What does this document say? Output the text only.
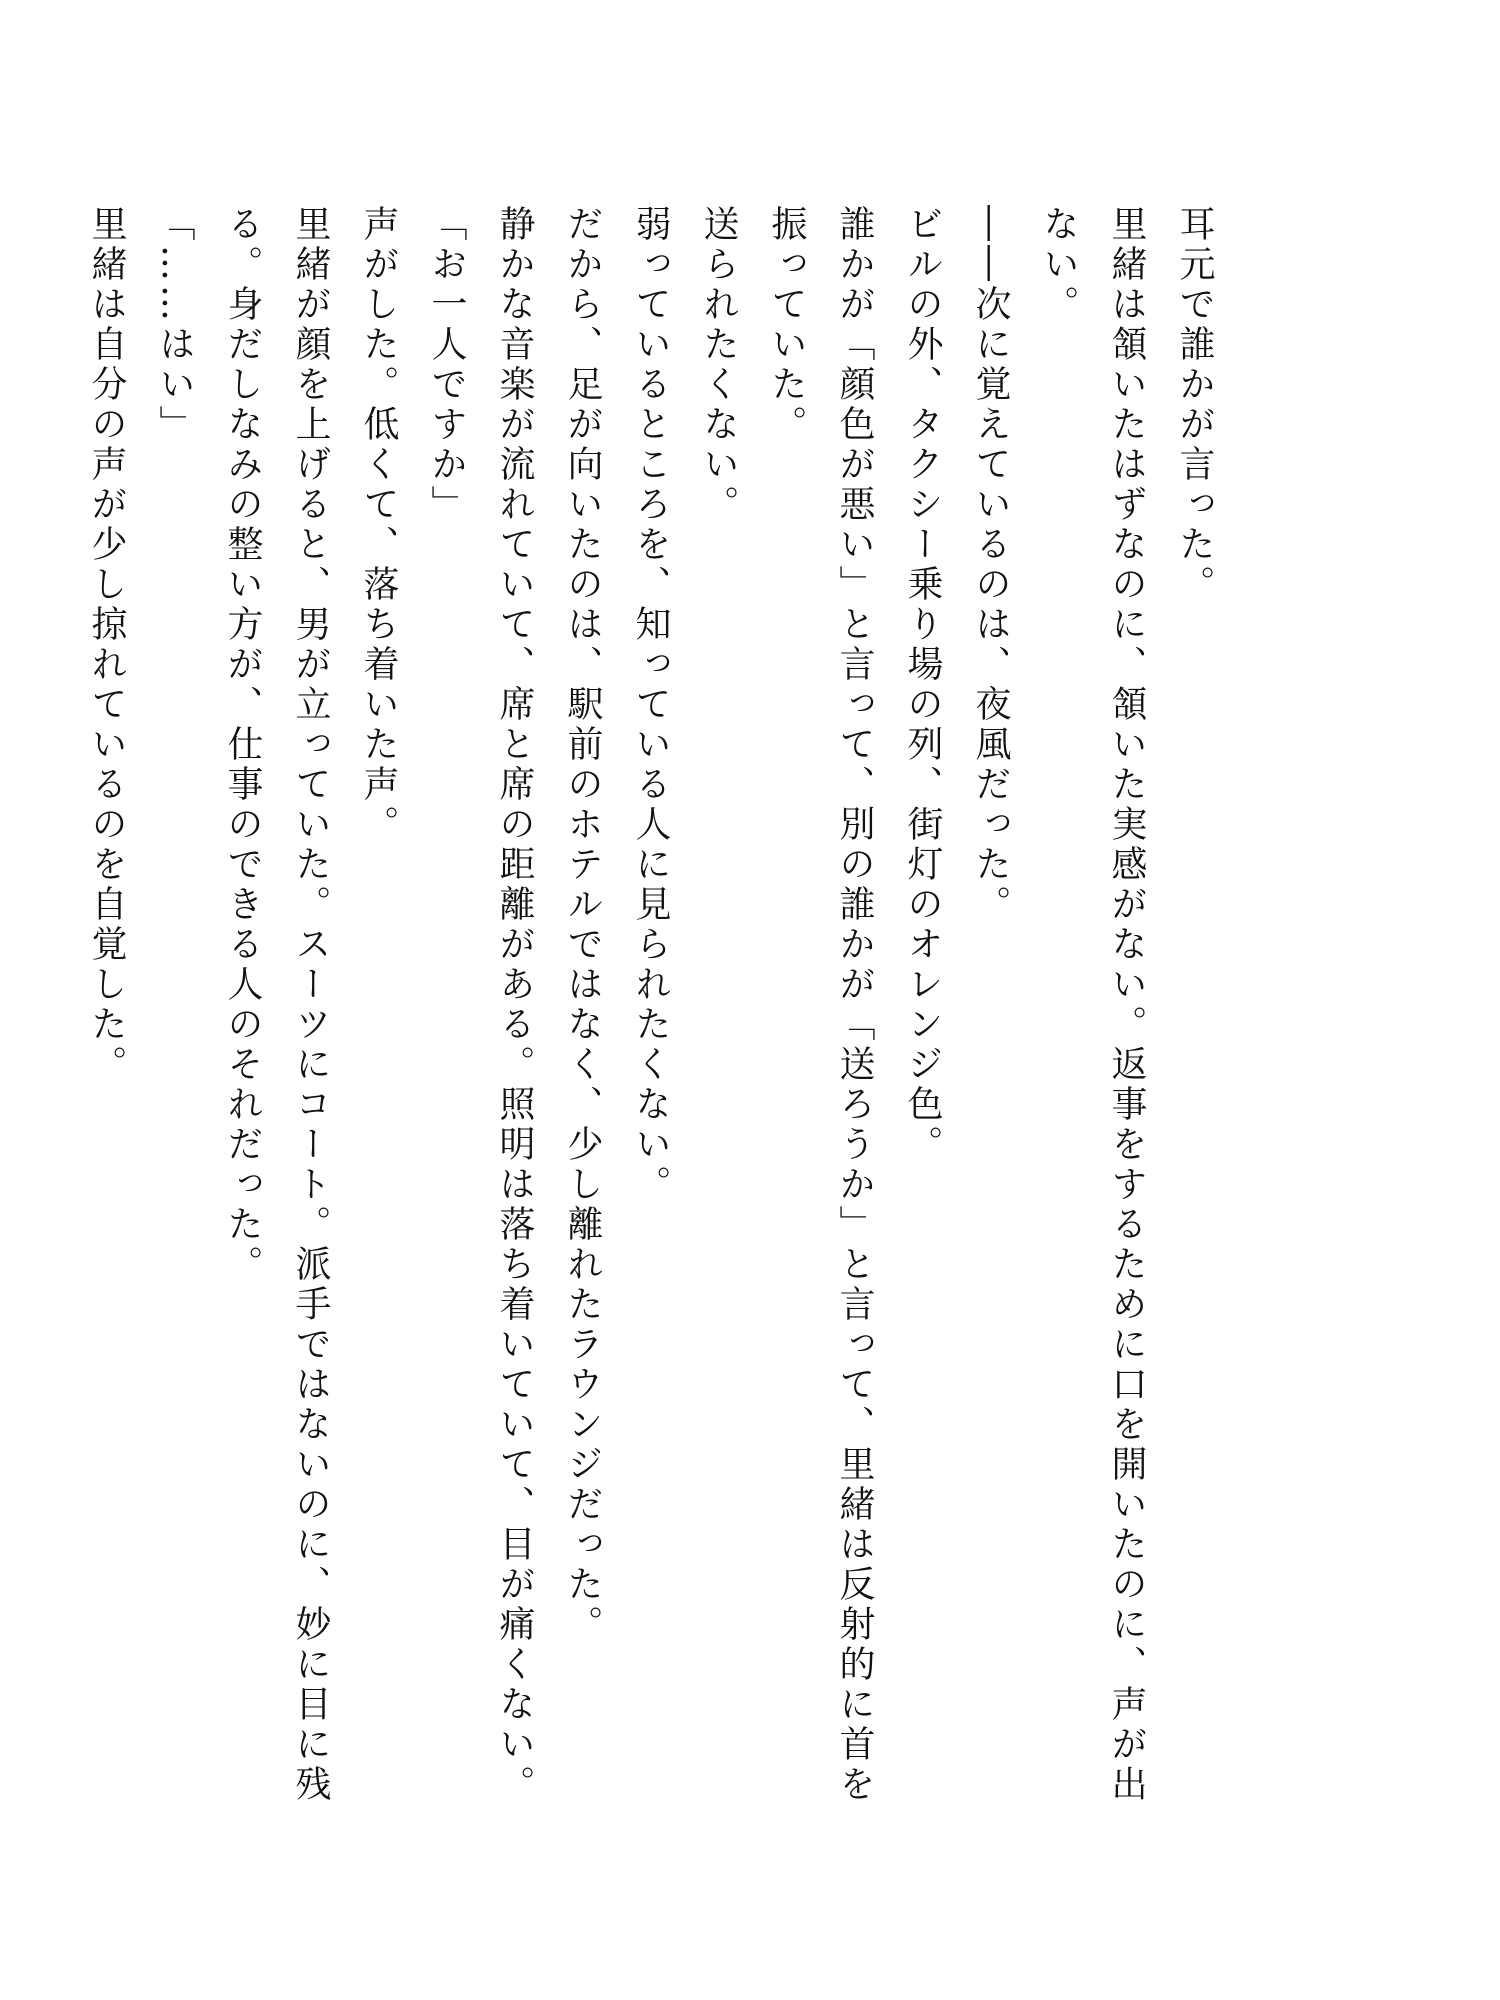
耳元で誰かが言った。

里緒は頷いたはずなのに、頷いた実感がない。返事をするために口を開いたのに、声が出ない。

――次に覚えているのは、夜風だった。

ビルの外、タクシー乗り場の列、街灯のオレンジ色。

誰かが「顔色が悪い」と言って、別の誰かが「送ろうか」と言って、里緒は反射的に首を振っていた。

送られたくない。

弱っているところを、知っている人に見られたくない。

だから、足が向いたのは、駅前のホテルではなく、少し離れたラウンジだった。

静かな音楽が流れていて、席と席の距離がある。照明は落ち着いていて、目が痛くない。

「お一人ですか」

声がした。低くて、落ち着いた声。

里緒が顔を上げると、男が立っていた。スーツにコート。派手ではないのに、妙に目に残る。身だしなみの整い方が、仕事のできる人のそれだった。

「……はい」

里緒は自分の声が少し掠れているのを自覚した。
